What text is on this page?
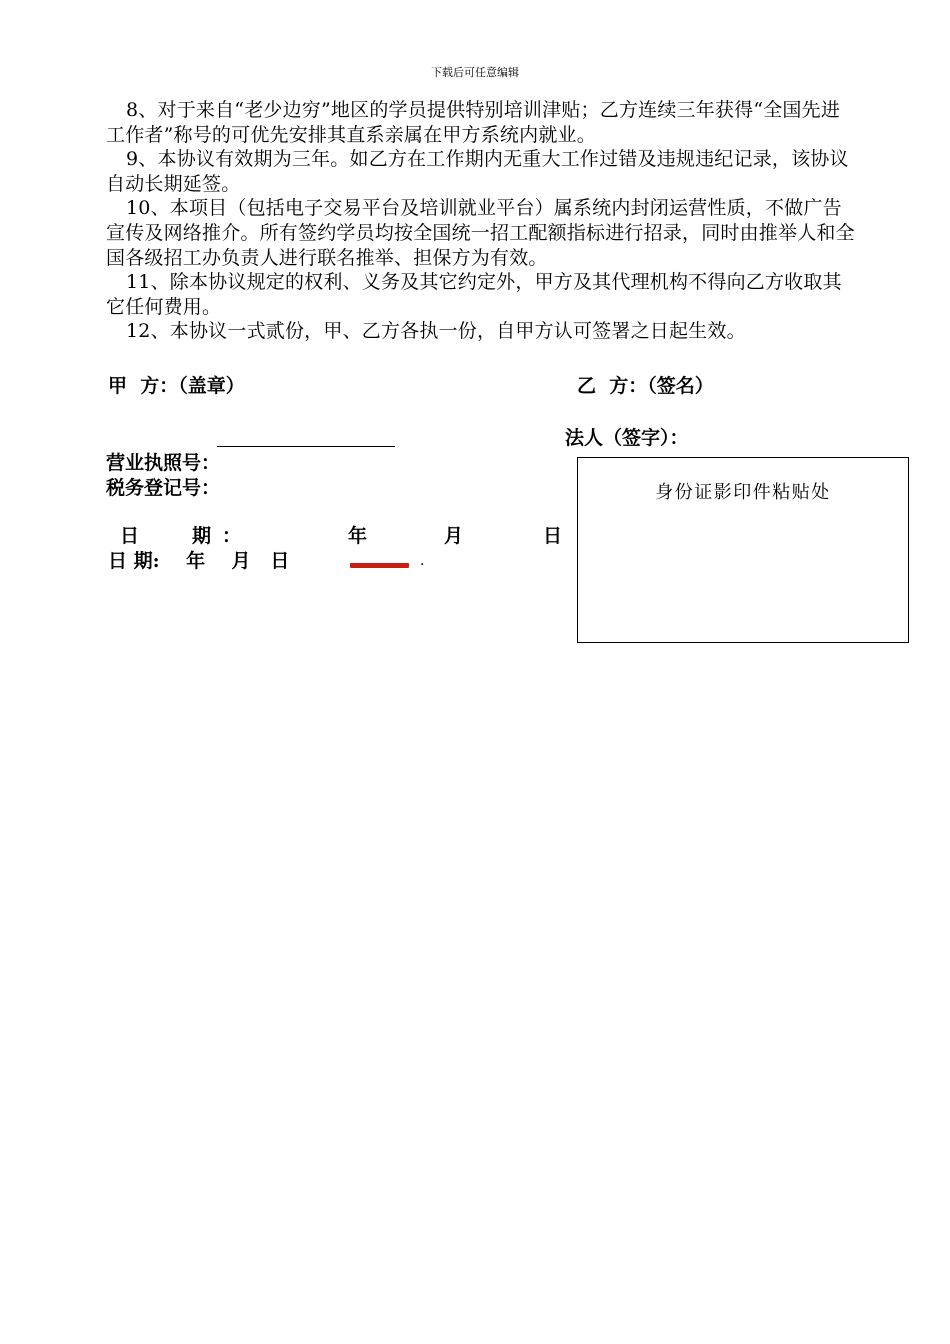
下载后可任意编辑

8、对于来自“老少边穷”地区的学员提供特别培训津贴；乙方连续三年获得“全国先进工作者”称号的可优先安排其直系亲属在甲方系统内就业。

9、本协议有效期为三年。如乙方在工作期内无重大工作过错及违规违纪记录，该协议自动长期延签。

10、本项目（包括电子交易平台及培训就业平台）属系统内封闭运营性质，不做广告宣传及网络推介。所有签约学员均按全国统一招工配额指标进行招录，同时由推举人和全国各级招工办负责人进行联名推举、担保方为有效。

11、除本协议规定的权利、义务及其它约定外，甲方及其代理机构不得向乙方收取其它任何费用。

12、本协议一式贰份，甲、乙方各执一份，自甲方认可签署之日起生效。

甲  方：（盖章）
营业执照号：
税务登记号：
日	期 ：	年	月	日
日 期:    年    月   日	.
乙  方：（签名）
法人（签字）：
身份证影印件粘贴处
